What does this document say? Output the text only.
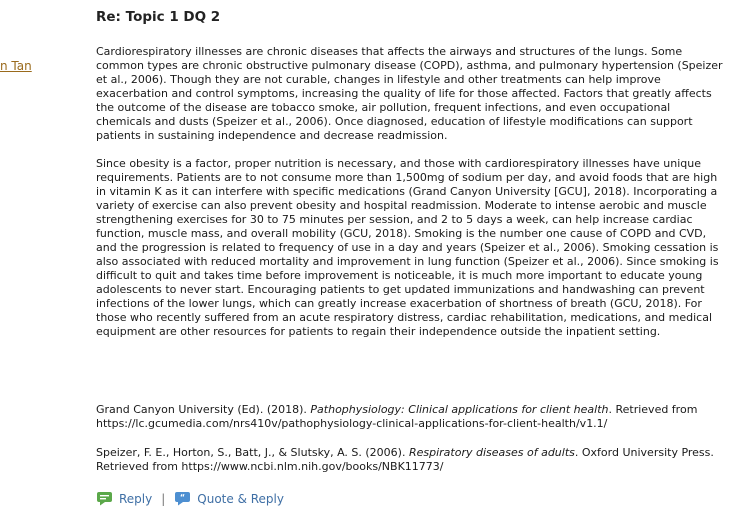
n Tan
Re: Topic 1 DQ 2

Cardiorespiratory illnesses are chronic diseases that affects the airways and structures of the lungs. Some common types are chronic obstructive pulmonary disease (COPD), asthma, and pulmonary hypertension (Speizer et al., 2006). Though they are not curable, changes in lifestyle and other treatments can help improve exacerbation and control symptoms, increasing the quality of life for those affected. Factors that greatly affects the outcome of the disease are tobacco smoke, air pollution, frequent infections, and even occupational chemicals and dusts (Speizer et al., 2006). Once diagnosed, education of lifestyle modifications can support patients in sustaining independence and decrease readmission.

Since obesity is a factor, proper nutrition is necessary, and those with cardiorespiratory illnesses have unique requirements. Patients are to not consume more than 1,500mg of sodium per day, and avoid foods that are high in vitamin K as it can interfere with specific medications (Grand Canyon University [GCU], 2018). Incorporating a variety of exercise can also prevent obesity and hospital readmission. Moderate to intense aerobic and muscle strengthening exercises for 30 to 75 minutes per session, and 2 to 5 days a week, can help increase cardiac function, muscle mass, and overall mobility (GCU, 2018). Smoking is the number one cause of COPD and CVD, and the progression is related to frequency of use in a day and years (Speizer et al., 2006). Smoking cessation is also associated with reduced mortality and improvement in lung function (Speizer et al., 2006). Since smoking is difficult to quit and takes time before improvement is noticeable, it is much more important to educate young adolescents to never start. Encouraging patients to get updated immunizations and handwashing can prevent infections of the lower lungs, which can greatly increase exacerbation of shortness of breath (GCU, 2018). For those who recently suffered from an acute respiratory distress, cardiac rehabilitation, medications, and medical equipment are other resources for patients to regain their independence outside the inpatient setting.

Grand Canyon University (Ed). (2018). Pathophysiology: Clinical applications for client health. Retrieved from https://lc.gcumedia.com/nrs410v/pathophysiology-clinical-applications-for-client-health/v1.1/

Speizer, F. E., Horton, S., Batt, J., & Slutsky, A. S. (2006). Respiratory diseases of adults. Oxford University Press. Retrieved from https://www.ncbi.nlm.nih.gov/books/NBK11773/

Reply | “ Quote & Reply
